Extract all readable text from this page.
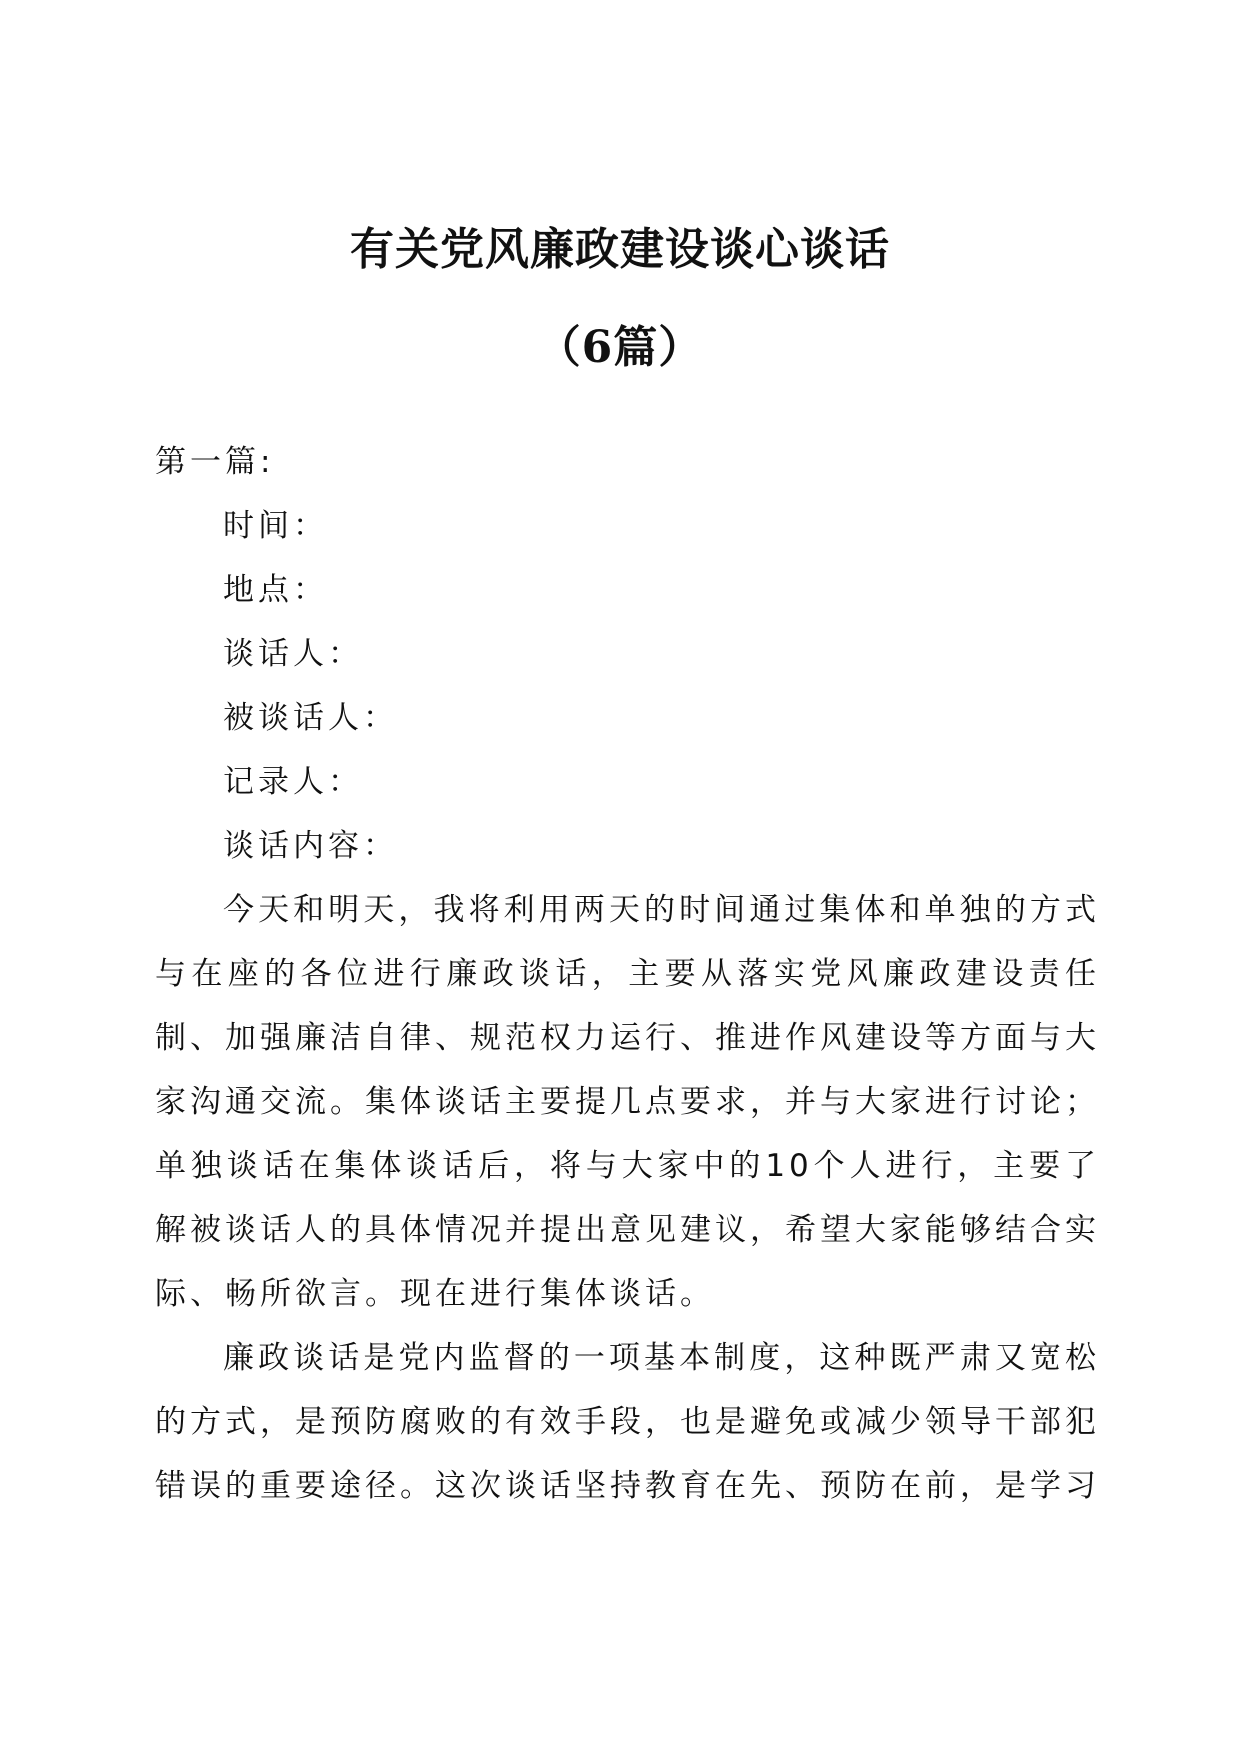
有关党风廉政建设谈心谈话
（6篇）

第一篇:

时间：

地点：

谈话人：

被谈话人：

记录人：

谈话内容：

今天和明天，我将利用两天的时间通过集体和单独的方式与在座的各位进行廉政谈话，主要从落实党风廉政建设责任制、加强廉洁自律、规范权力运行、推进作风建设等方面与大家沟通交流。集体谈话主要提几点要求，并与大家进行讨论；单独谈话在集体谈话后，将与大家中的10个人进行，主要了解被谈话人的具体情况并提出意见建议，希望大家能够结合实际、畅所欲言。现在进行集体谈话。

廉政谈话是党内监督的一项基本制度，这种既严肃又宽松的方式，是预防腐败的有效手段，也是避免或减少领导干部犯错误的重要途径。这次谈话坚持教育在先、预防在前，是学习
